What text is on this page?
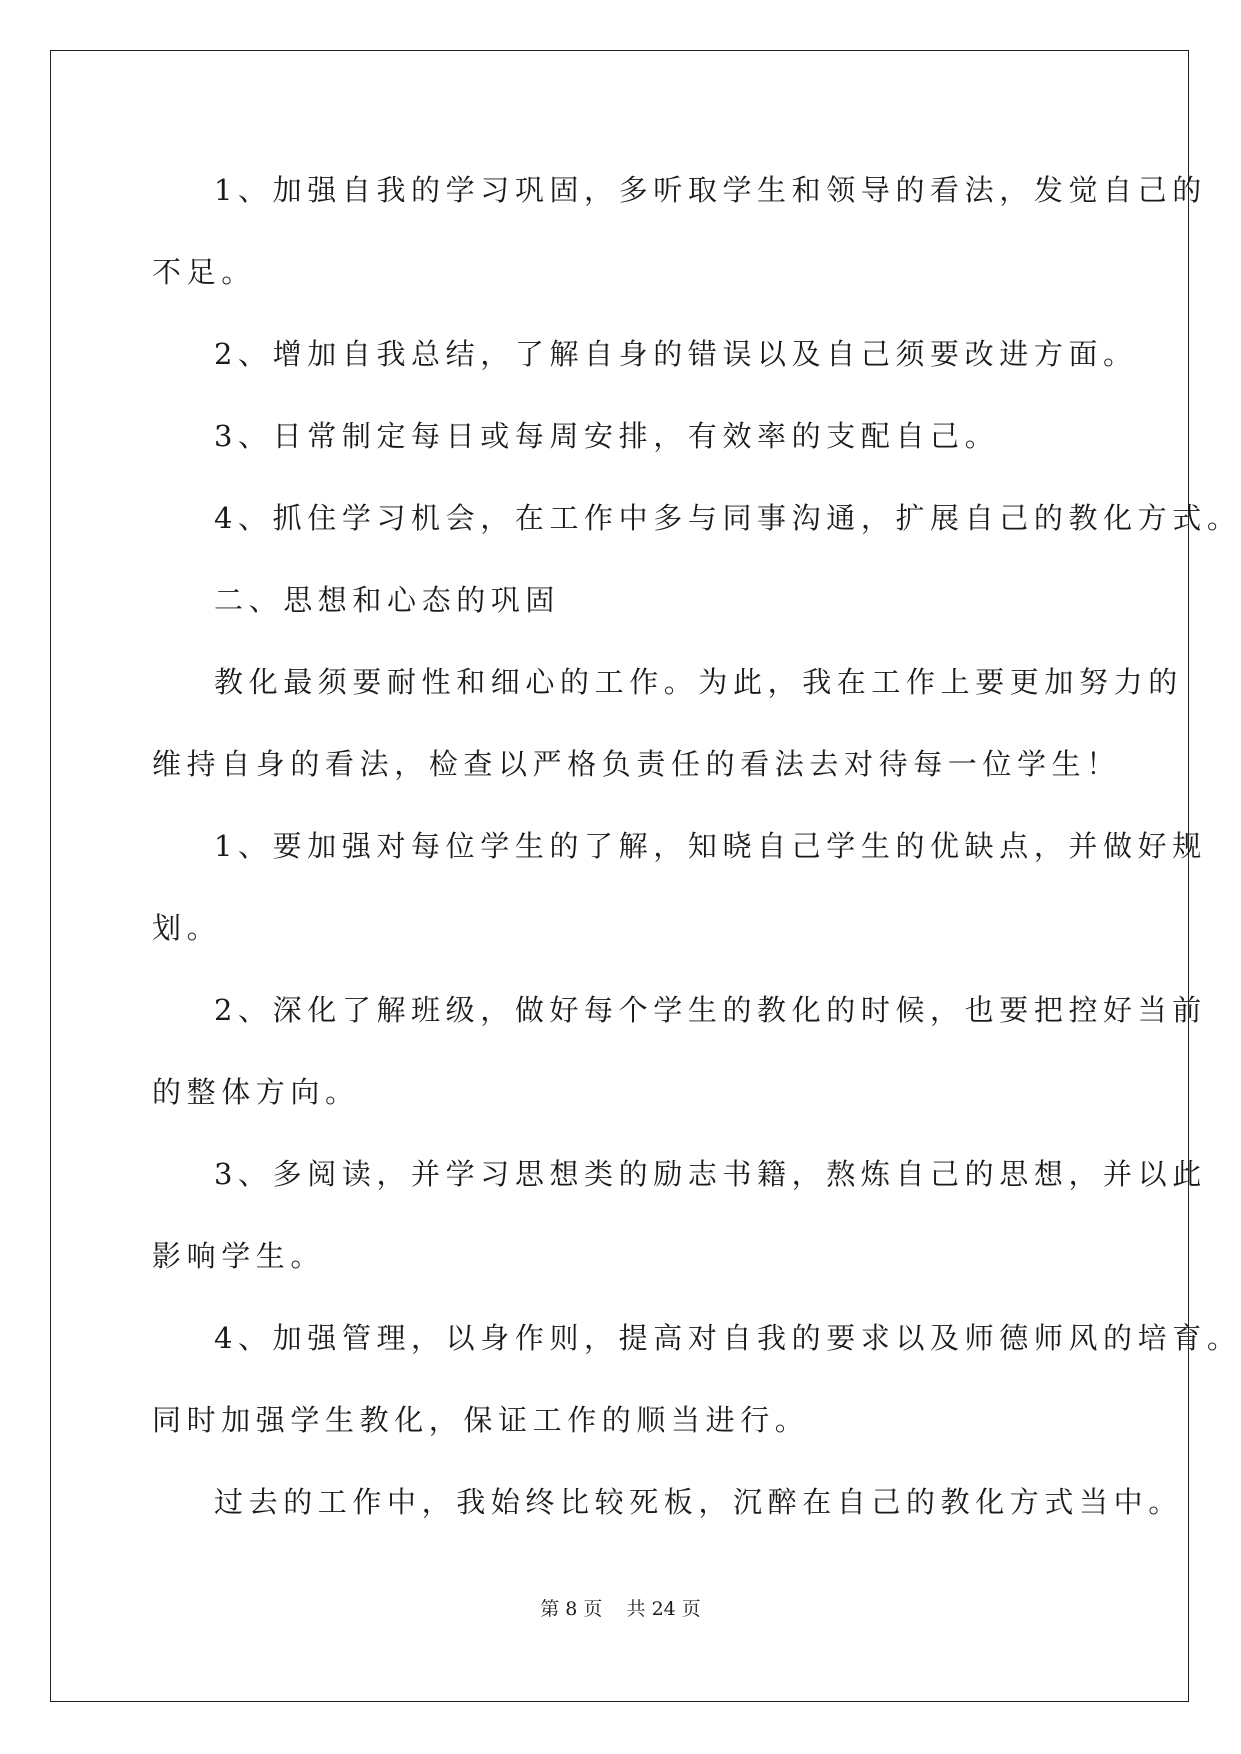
1、加强自我的学习巩固，多听取学生和领导的看法，发觉自己的
不足。
2、增加自我总结，了解自身的错误以及自己须要改进方面。
3、日常制定每日或每周安排，有效率的支配自己。
4、抓住学习机会，在工作中多与同事沟通，扩展自己的教化方式。
二、思想和心态的巩固
教化最须要耐性和细心的工作。为此，我在工作上要更加努力的
维持自身的看法，检查以严格负责任的看法去对待每一位学生！
1、要加强对每位学生的了解，知晓自己学生的优缺点，并做好规
划。
2、深化了解班级，做好每个学生的教化的时候，也要把控好当前
的整体方向。
3、多阅读，并学习思想类的励志书籍，熬炼自己的思想，并以此
影响学生。
4、加强管理，以身作则，提高对自我的要求以及师德师风的培育。
同时加强学生教化，保证工作的顺当进行。
过去的工作中，我始终比较死板，沉醉在自己的教化方式当中。
第 8 页    共 24 页
